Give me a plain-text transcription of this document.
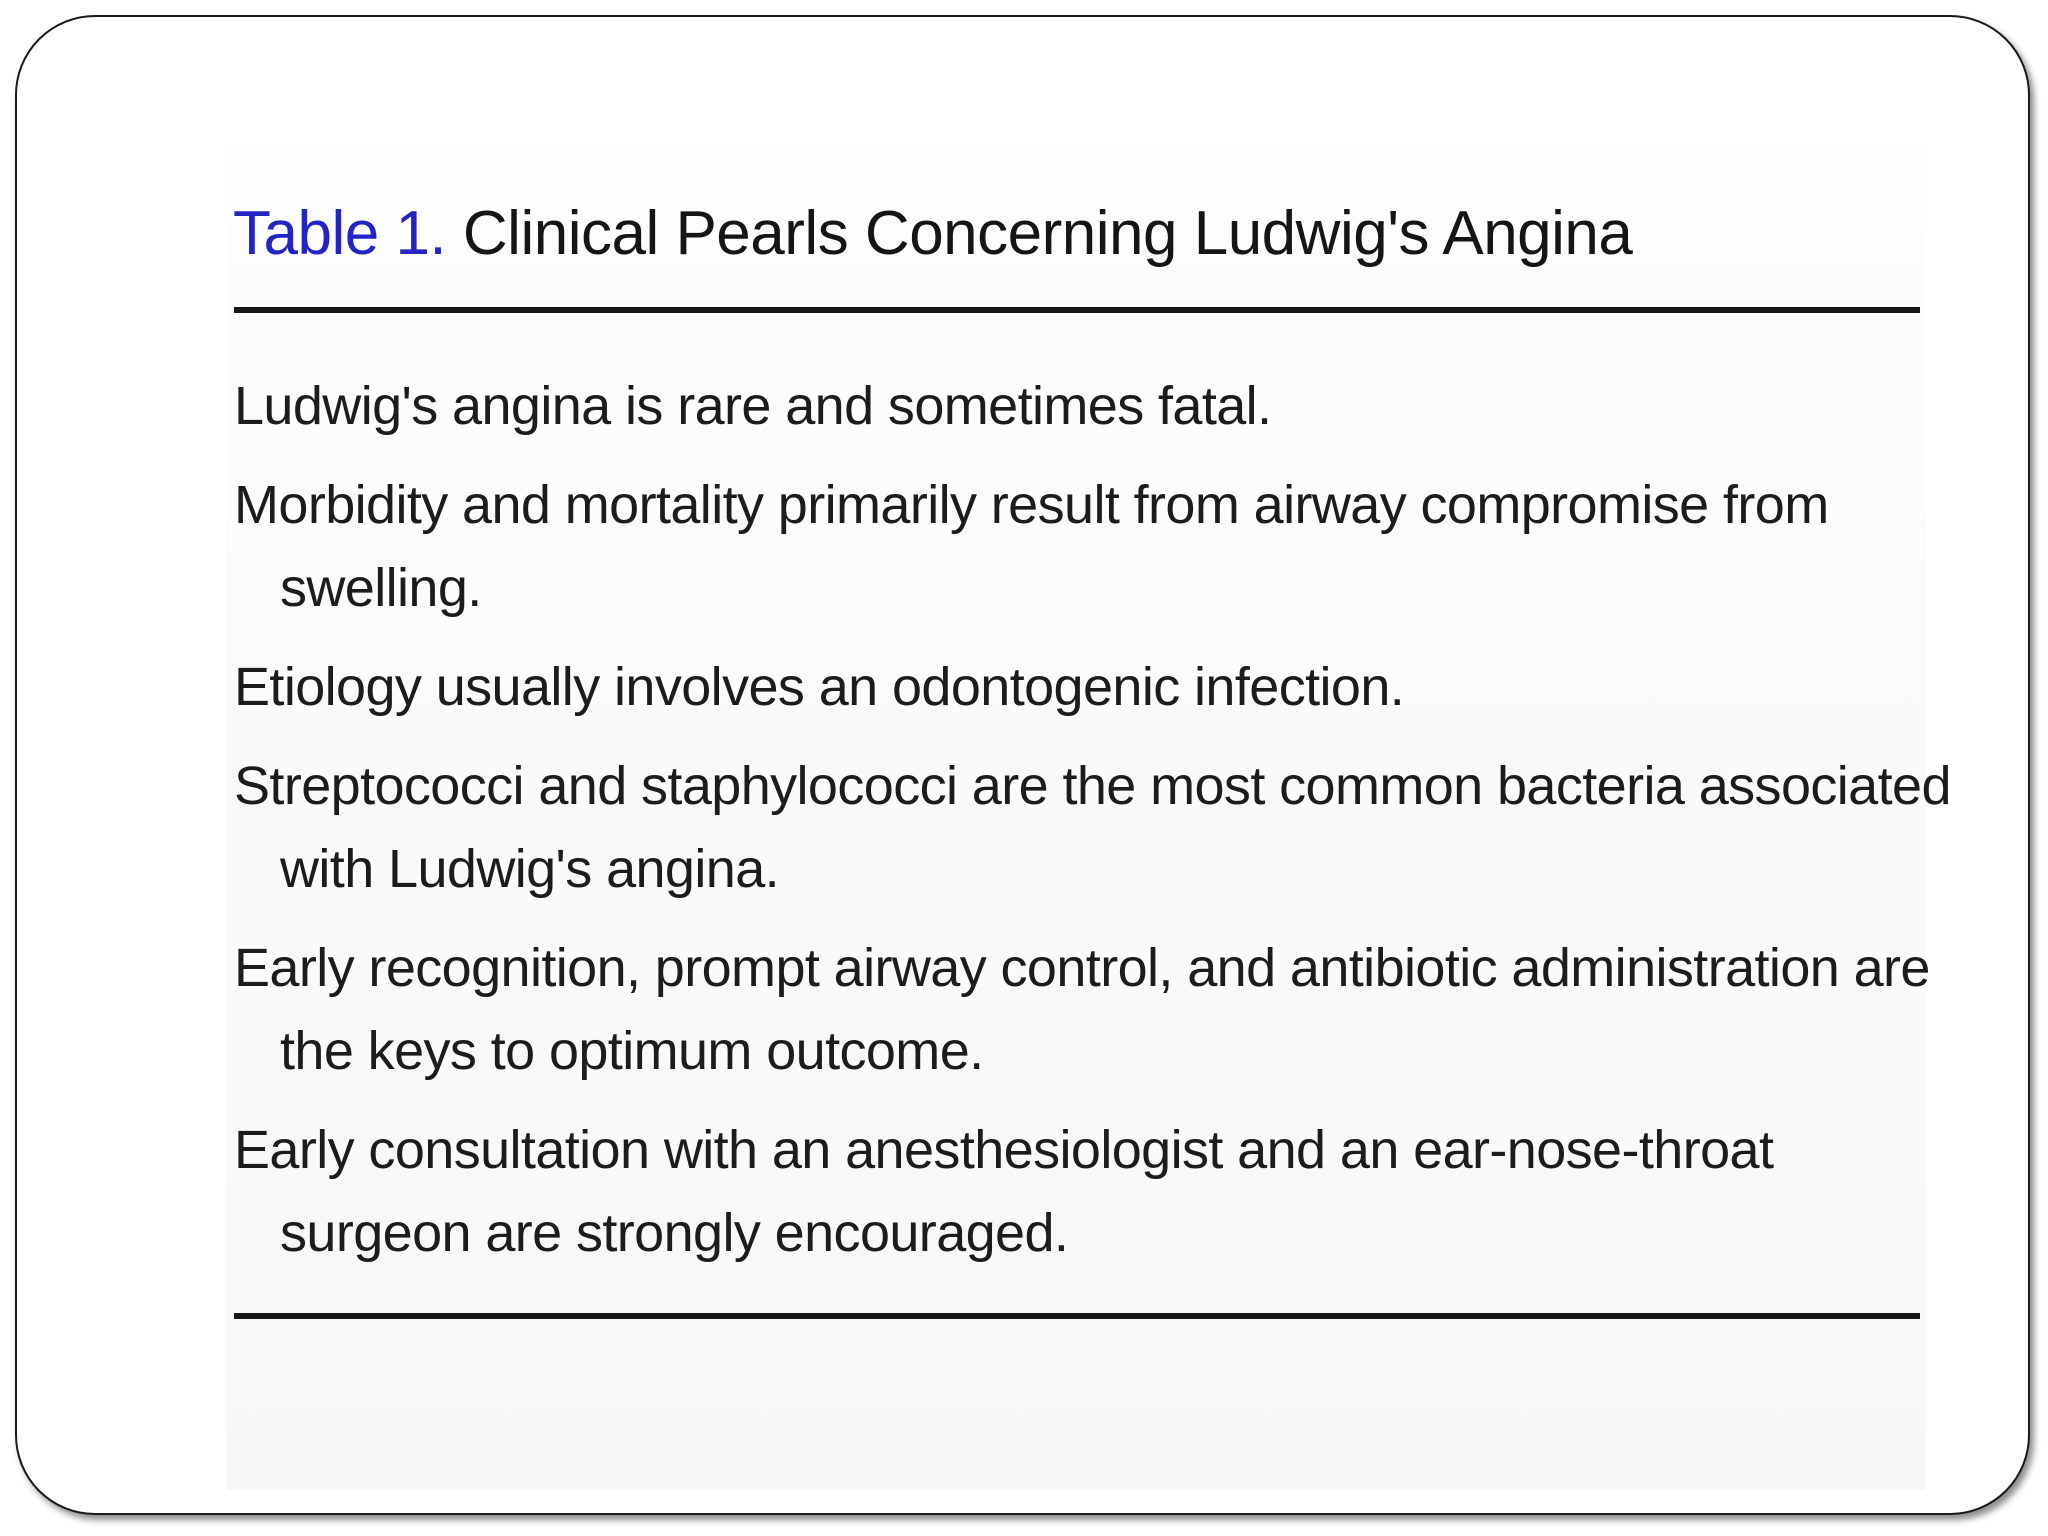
Table 1. Clinical Pearls Concerning Ludwig's Angina
Ludwig's angina is rare and sometimes fatal.
Morbidity and mortality primarily result from airway compromise from swelling.
Etiology usually involves an odontogenic infection.
Streptococci and staphylococci are the most common bacteria associated with Ludwig's angina.
Early recognition, prompt airway control, and antibiotic administration are the keys to optimum outcome.
Early consultation with an anesthesiologist and an ear-nose-throat surgeon are strongly encouraged.
